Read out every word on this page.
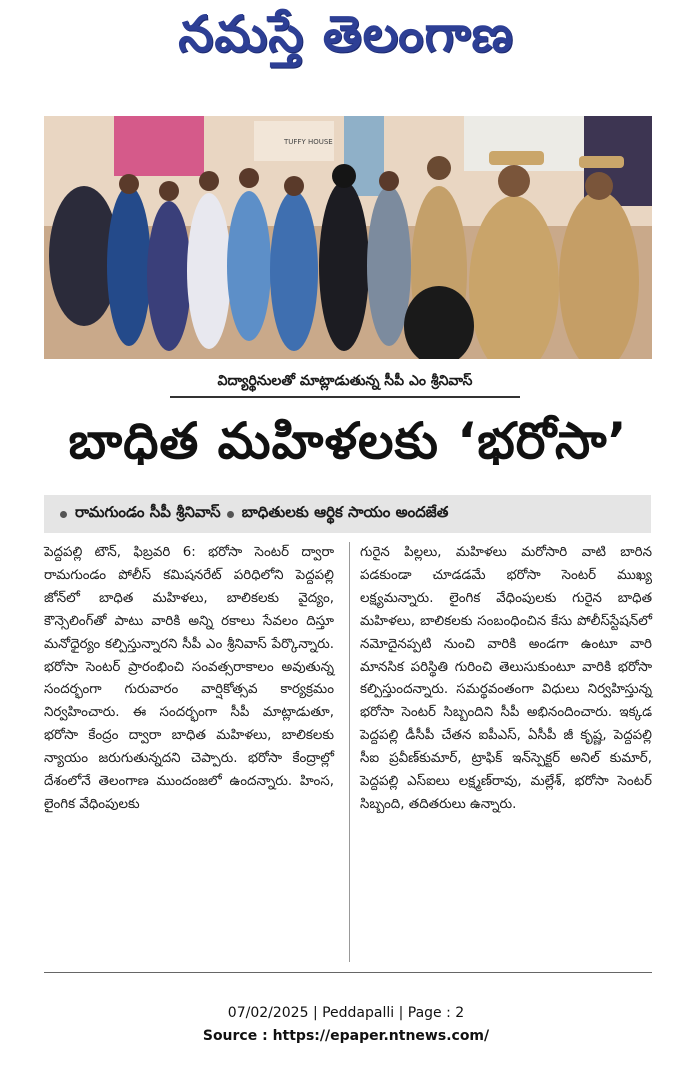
నమస్తే తెలంగాణ
TUFFY HOUSE
విద్యార్థినులతో మాట్లాడుతున్న సీపీ ఎం శ్రీనివాస్
బాధిత మహిళలకు ‘భరోసా’
రామగుండం సీపీ శ్రీనివాస్ బాధితులకు ఆర్థిక సాయం అందజేత

పెద్దపల్లి టౌన్, ఫిబ్రవరి 6: భరోసా సెంటర్ ద్వారా రామగుండం పోలీస్ కమిషనరేట్ పరిధిలోని పెద్దపల్లి జోన్‌లో బాధిత మహిళలు, బాలికలకు వైద్యం, కౌన్సెలింగ్‌తో పాటు వారికి అన్ని రకాలు సేవలం దిస్తూ మనోధైర్యం కల్పిస్తున్నారని సీపీ ఎం శ్రీనివాస్ పేర్కొన్నారు. భరోసా సెంటర్ ప్రారంభించి సంవత్సరాకాలం అవుతున్న సందర్భంగా గురువారం వార్షికోత్సవ కార్యక్రమం నిర్వహించారు. ఈ సందర్భంగా సీపీ మాట్లాడుతూ, భరోసా కేంద్రం ద్వారా బాధిత మహిళలు, బాలికలకు న్యాయం జరుగుతున్నదని చెప్పారు. భరోసా కేంద్రాల్లో దేశంలోనే తెలంగాణ ముందంజలో ఉందన్నారు. హింస, లైంగిక వేధింపులకు

గురైన పిల్లలు, మహిళలు మరోసారి వాటి బారిన పడకుండా చూడడమే భరోసా సెంటర్ ముఖ్య లక్ష్యమన్నారు. లైంగిక వేధింపులకు గురైన బాధిత మహిళలు, బాలికలకు సంబంధించిన కేసు పోలీస్‌స్టేషన్‌లో నమోదైనప్పటి నుంచి వారికి అండగా ఉంటూ వారి మానసిక పరిస్థితి గురించి తెలుసుకుంటూ వారికి భరోసా కల్పిస్తుందన్నారు. సమర్థవంతంగా విధులు నిర్వహిస్తున్న భరోసా సెంటర్ సిబ్బందిని సీపీ అభినందించారు. ఇక్కడ పెద్దపల్లి డీసీపీ చేతన ఐపీఎస్, ఏసీపీ జీ కృష్ణ, పెద్దపల్లి సీఐ ప్రవీణ్‌కుమార్, ట్రాఫిక్ ఇన్‌స్పెక్టర్ అనిల్ కుమార్, పెద్దపల్లి ఎస్ఐలు లక్ష్మణ్‌రావు, మల్లేశ్, భరోసా సెంటర్ సిబ్బంది, తదితరులు ఉన్నారు.

07/02/2025 | Peddapalli | Page : 2
Source : https://epaper.ntnews.com/
